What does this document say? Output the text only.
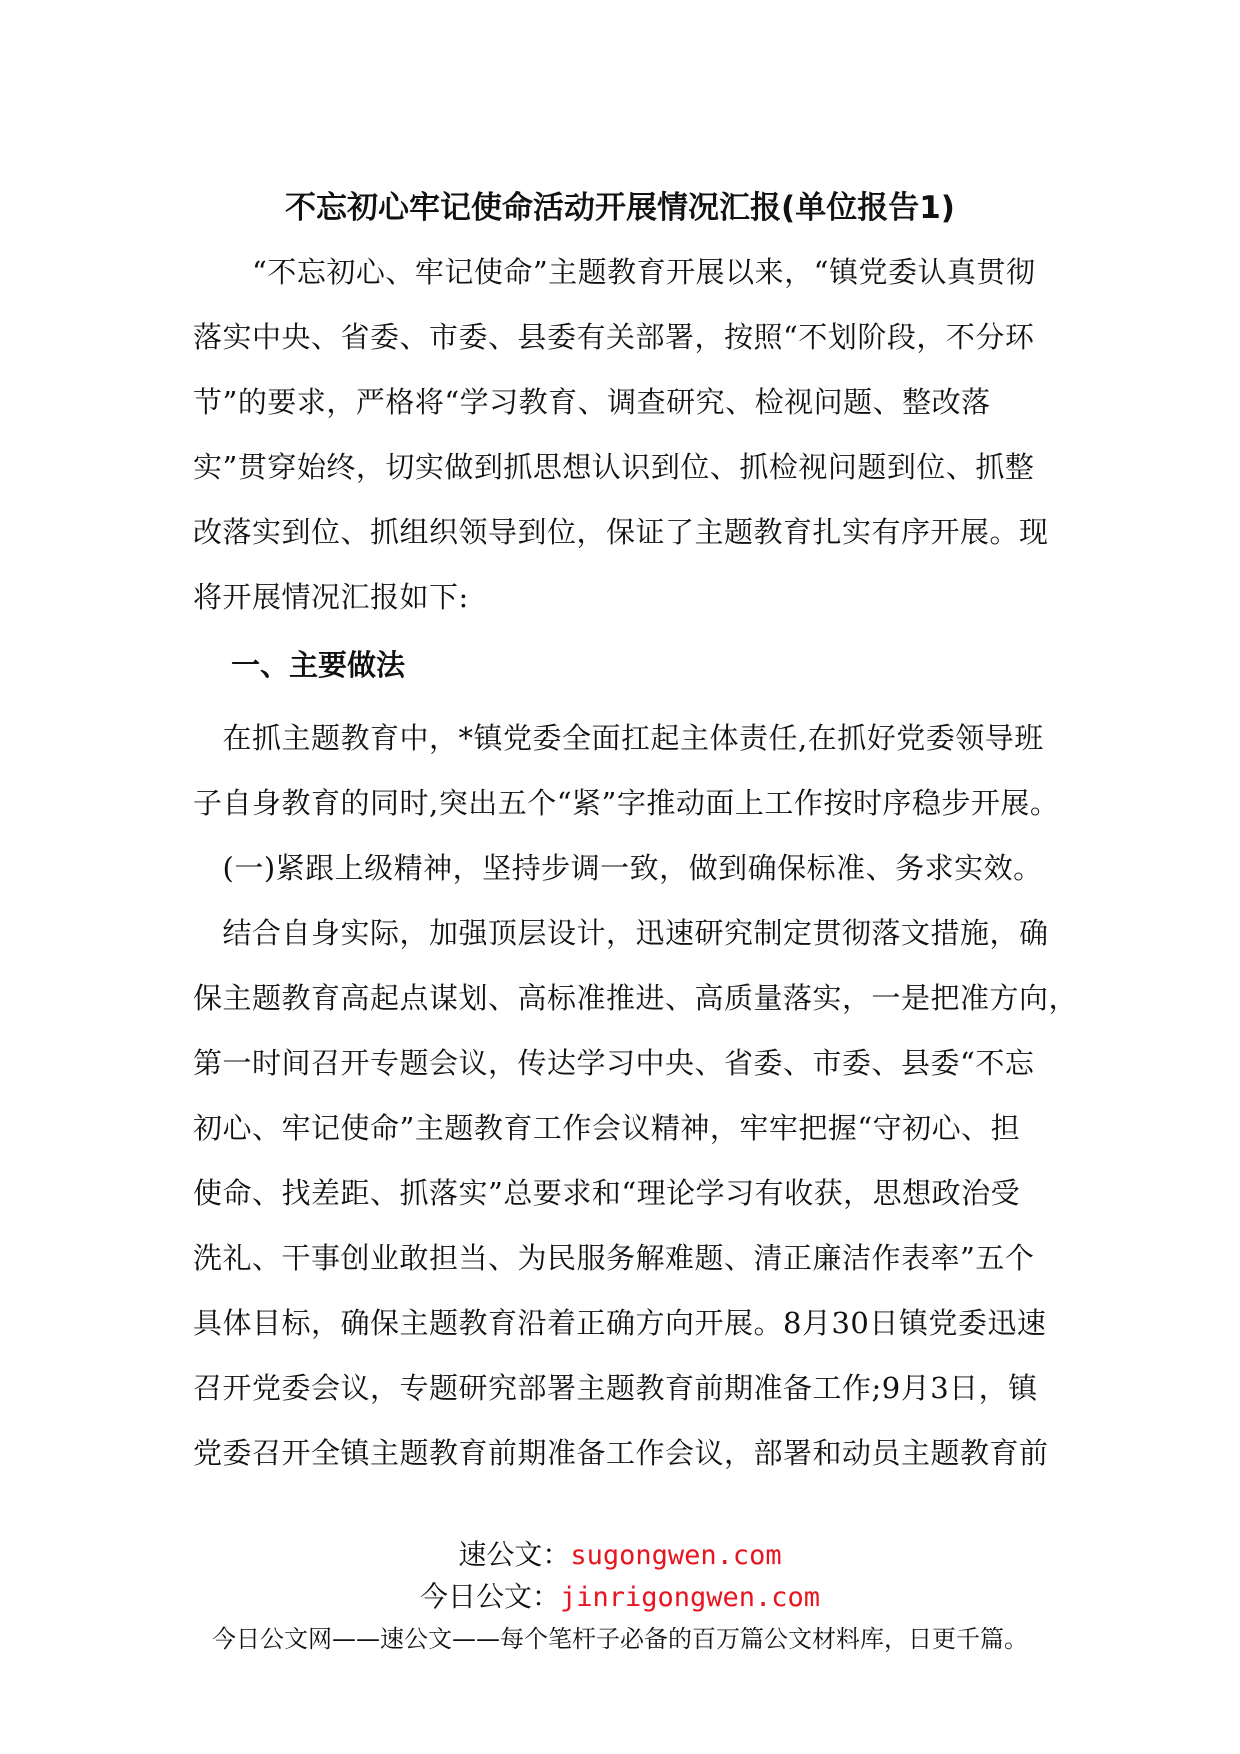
不忘初心牢记使命活动开展情况汇报(单位报告1)
　　“不忘初心、牢记使命”主题教育开展以来，“镇党委认真贯彻
落实中央、省委、市委、县委有关部署，按照“不划阶段，不分环
节”的要求，严格将“学习教育、调查研究、检视问题、整改落
实”贯穿始终，切实做到抓思想认识到位、抓检视问题到位、抓整
改落实到位、抓组织领导到位，保证了主题教育扎实有序开展。现
将开展情况汇报如下:
一、主要做法
　在抓主题教育中，*镇党委全面扛起主体责任,在抓好党委领导班
子自身教育的同时,突出五个“紧”字推动面上工作按时序稳步开展。
　(一)紧跟上级精神，坚持步调一致，做到确保标准、务求实效。
　结合自身实际，加强顶层设计，迅速研究制定贯彻落文措施，确
保主题教育高起点谋划、高标准推进、高质量落实，一是把准方向，
第一时间召开专题会议，传达学习中央、省委、市委、县委“不忘
初心、牢记使命”主题教育工作会议精神，牢牢把握“守初心、担
使命、找差距、抓落实”总要求和“理论学习有收获，思想政治受
洗礼、干事创业敢担当、为民服务解难题、清正廉洁作表率”五个
具体目标，确保主题教育沿着正确方向开展。8月30日镇党委迅速
召开党委会议，专题研究部署主题教育前期准备工作;9月3日，镇
党委召开全镇主题教育前期准备工作会议，部署和动员主题教育前
速公文：sugongwen.com
今日公文：jinrigongwen.com
今日公文网——速公文——每个笔杆子必备的百万篇公文材料库，日更千篇。
